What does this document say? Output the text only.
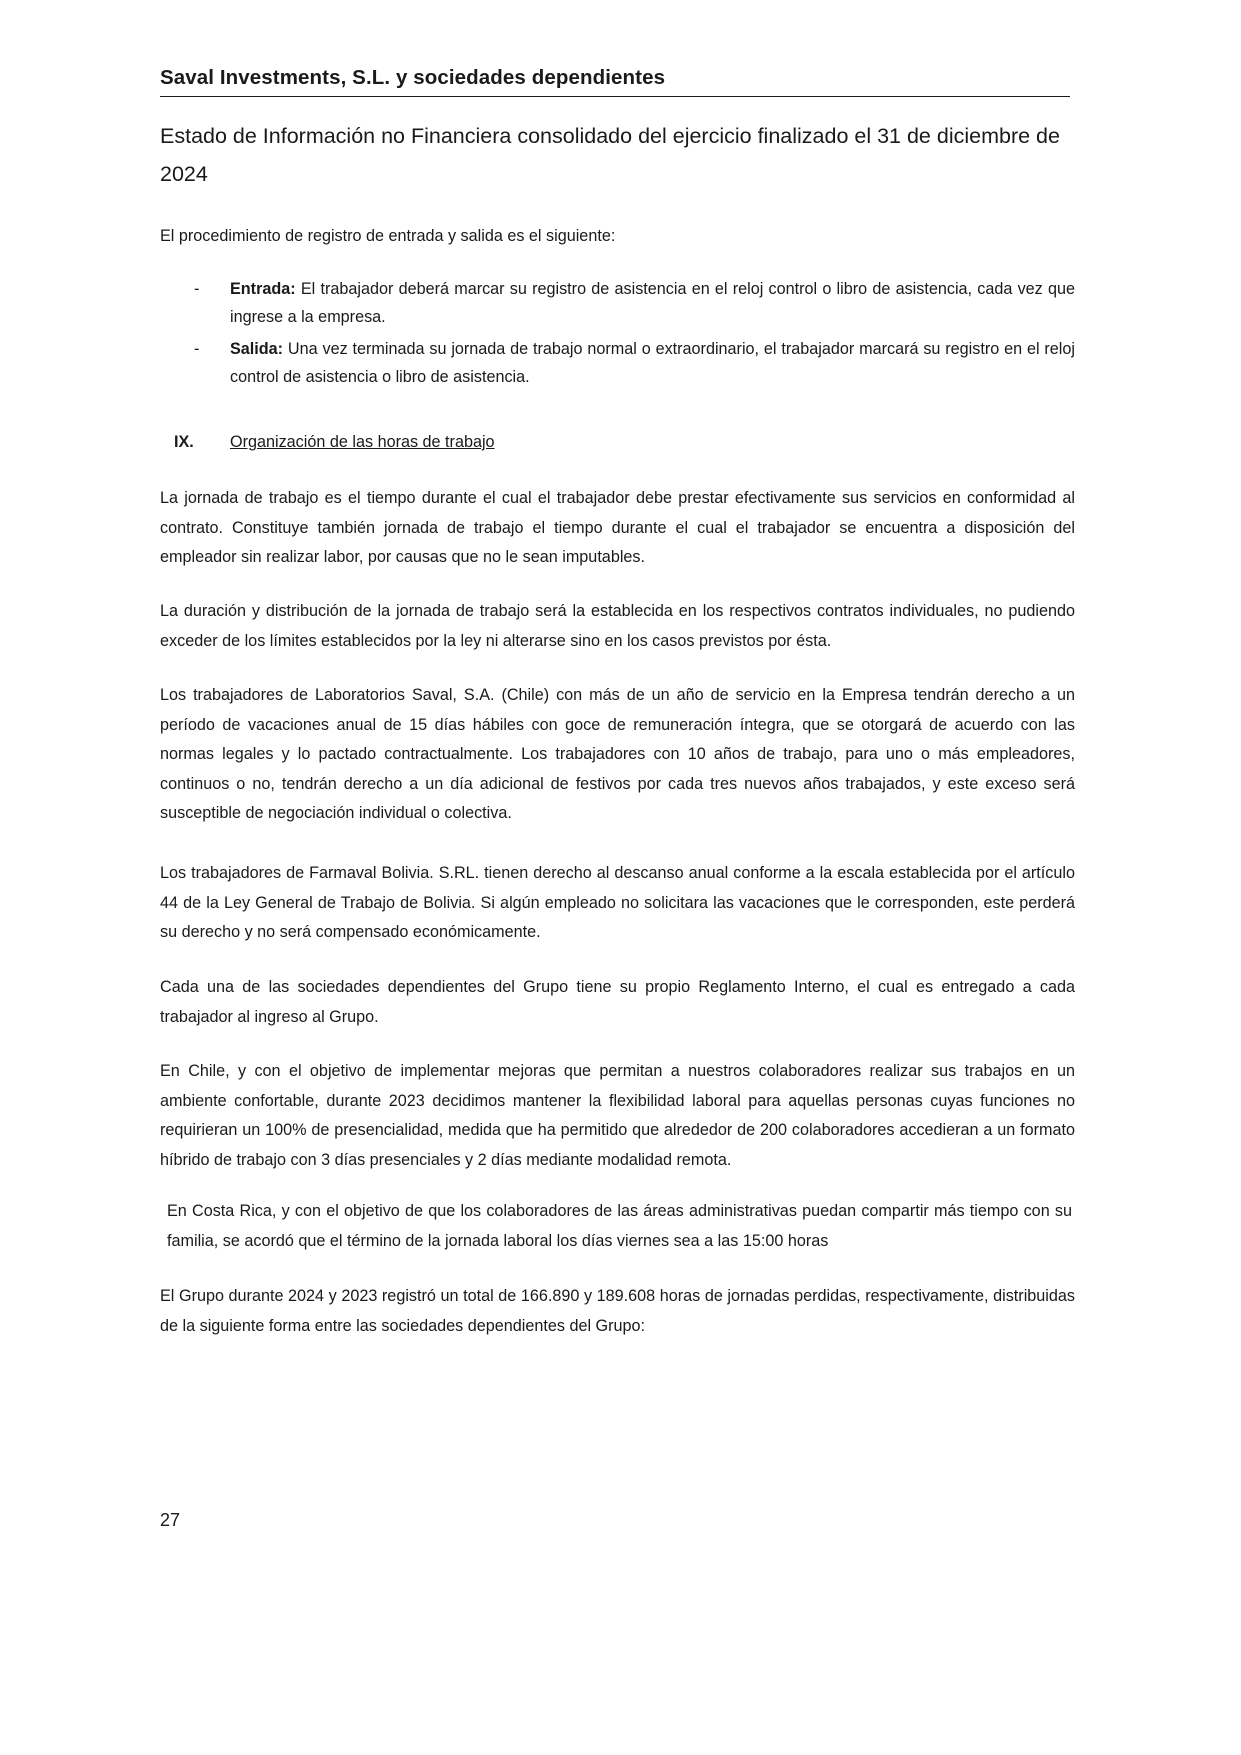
Saval Investments, S.L. y sociedades dependientes
Estado de Información no Financiera consolidado del ejercicio finalizado el 31 de diciembre de 2024

El procedimiento de registro de entrada y salida es el siguiente:

- Entrada: El trabajador deberá marcar su registro de asistencia en el reloj control o libro de asistencia, cada vez que ingrese a la empresa.
- Salida: Una vez terminada su jornada de trabajo normal o extraordinario, el trabajador marcará su registro en el reloj control de asistencia o libro de asistencia.
IX. Organización de las horas de trabajo

La jornada de trabajo es el tiempo durante el cual el trabajador debe prestar efectivamente sus servicios en conformidad al contrato. Constituye también jornada de trabajo el tiempo durante el cual el trabajador se encuentra a disposición del empleador sin realizar labor, por causas que no le sean imputables.

La duración y distribución de la jornada de trabajo será la establecida en los respectivos contratos individuales, no pudiendo exceder de los límites establecidos por la ley ni alterarse sino en los casos previstos por ésta.

Los trabajadores de Laboratorios Saval, S.A. (Chile) con más de un año de servicio en la Empresa tendrán derecho a un período de vacaciones anual de 15 días hábiles con goce de remuneración íntegra, que se otorgará de acuerdo con las normas legales y lo pactado contractualmente. Los trabajadores con 10 años de trabajo, para uno o más empleadores, continuos o no, tendrán derecho a un día adicional de festivos por cada tres nuevos años trabajados, y este exceso será susceptible de negociación individual o colectiva.

Los trabajadores de Farmaval Bolivia. S.RL. tienen derecho al descanso anual conforme a la escala establecida por el artículo 44 de la Ley General de Trabajo de Bolivia. Si algún empleado no solicitara las vacaciones que le corresponden, este perderá su derecho y no será compensado económicamente.

Cada una de las sociedades dependientes del Grupo tiene su propio Reglamento Interno, el cual es entregado a cada trabajador al ingreso al Grupo.

En Chile, y con el objetivo de implementar mejoras que permitan a nuestros colaboradores realizar sus trabajos en un ambiente confortable, durante 2023 decidimos mantener la flexibilidad laboral para aquellas personas cuyas funciones no requirieran un 100% de presencialidad, medida que ha permitido que alrededor de 200 colaboradores accedieran a un formato híbrido de trabajo con 3 días presenciales y 2 días mediante modalidad remota.

En Costa Rica, y con el objetivo de que los colaboradores de las áreas administrativas puedan compartir más tiempo con su familia, se acordó que el término de la jornada laboral los días viernes sea a las 15:00 horas

El Grupo durante 2024 y 2023 registró un total de 166.890 y 189.608 horas de jornadas perdidas, respectivamente, distribuidas de la siguiente forma entre las sociedades dependientes del Grupo:

27
